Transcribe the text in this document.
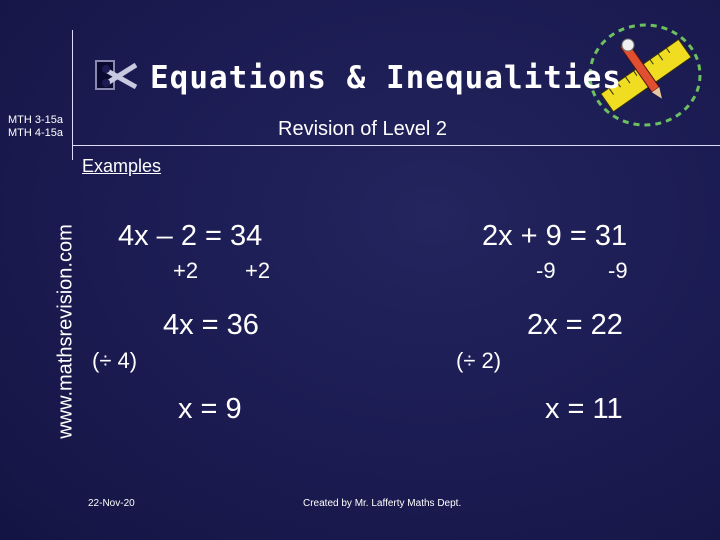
Equations & Inequalities
Revision of Level 2
MTH 3-15a
MTH 4-15a
www.mathsrevision.com
Examples
4x – 2 = 34
+2 +2
4x = 36
(÷ 4)
x = 9
2x + 9 = 31
-9 -9
2x = 22
(÷ 2)
x = 11
22-Nov-20	Created by Mr. Lafferty Maths Dept.
